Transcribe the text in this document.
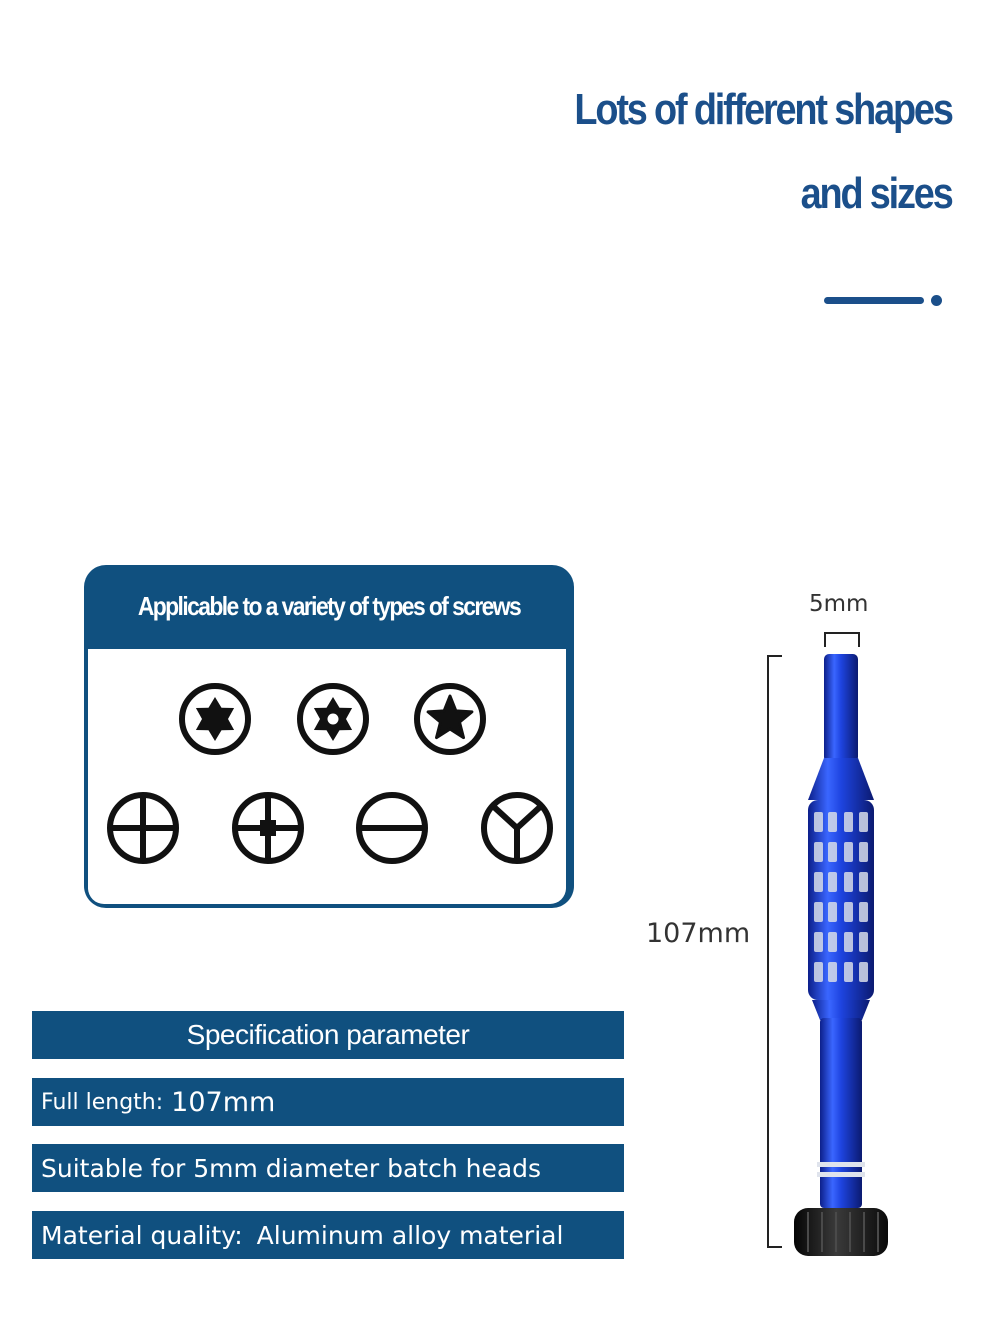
Lots of different shapes
and sizes
Applicable to a variety of types of screws
Specification parameter
Full length: 107mm
Suitable for 5mm diameter batch heads
Material quality: Aluminum alloy material
5mm
107mm
